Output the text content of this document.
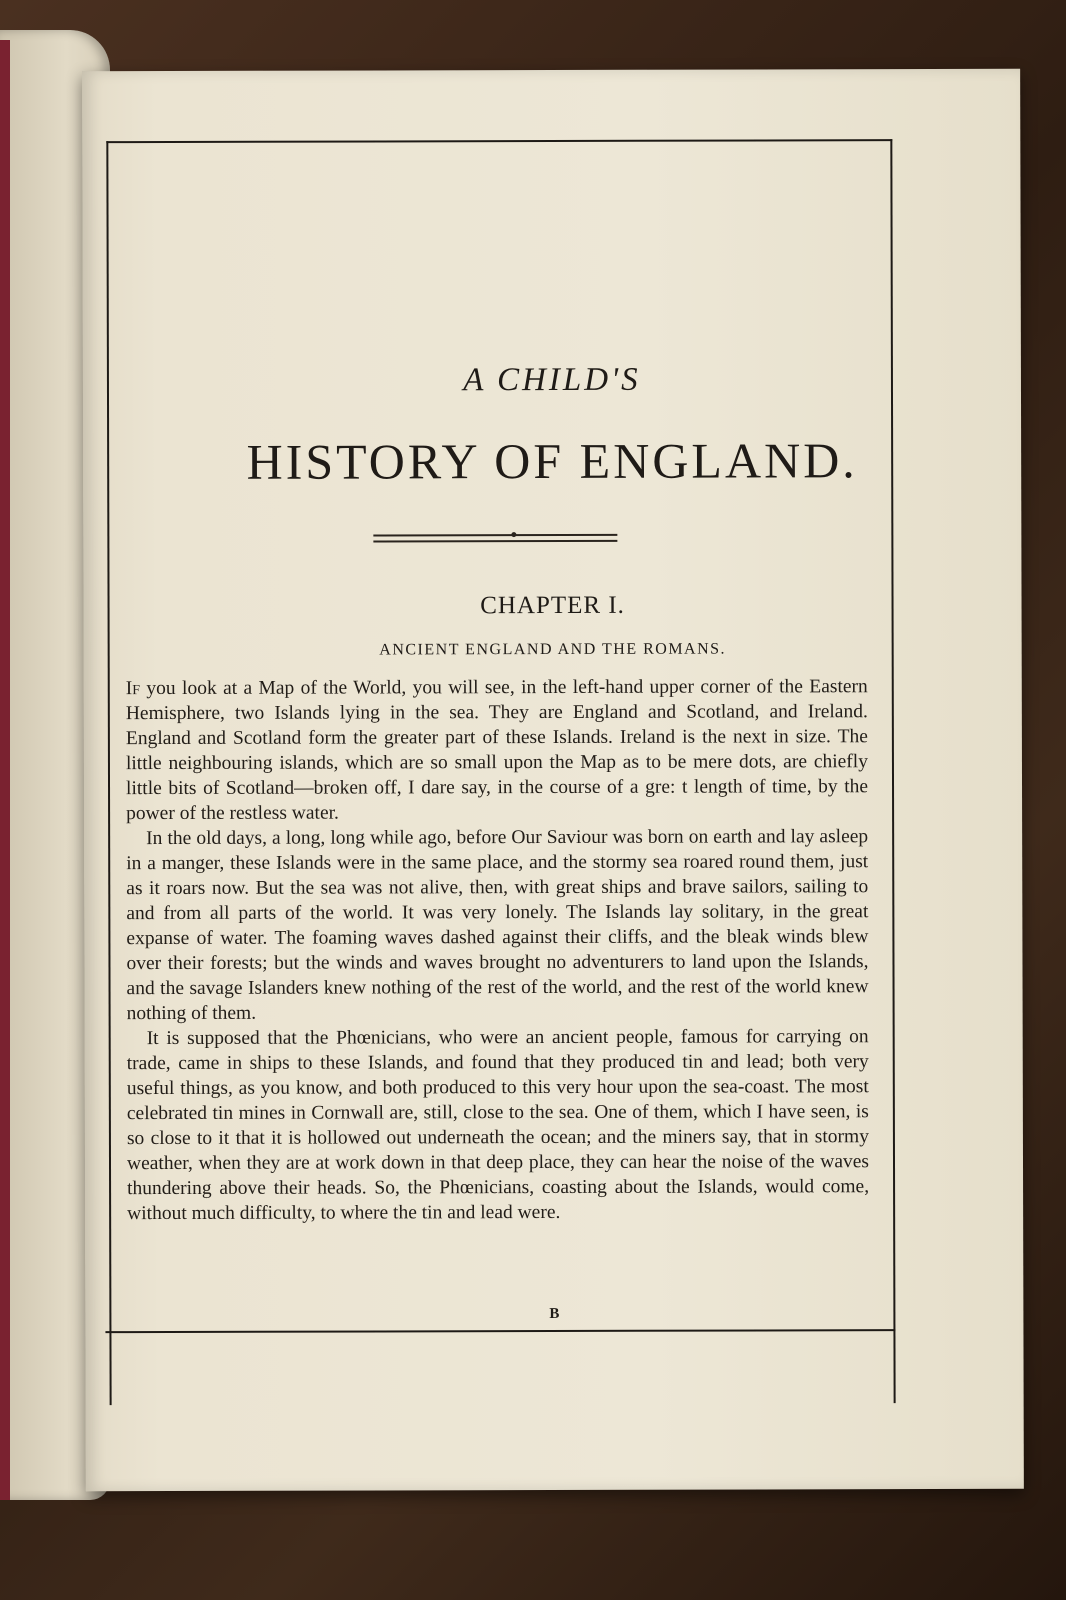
A CHILD'S
HISTORY OF ENGLAND.
CHAPTER I.
ANCIENT ENGLAND AND THE ROMANS.

If you look at a Map of the World, you will see, in the left-hand upper corner of the Eastern Hemisphere, two Islands lying in the sea. They are England and Scotland, and Ireland. England and Scotland form the greater part of these Islands. Ireland is the next in size. The little neighbouring islands, which are so small upon the Map as to be mere dots, are chiefly little bits of Scotland—broken off, I dare say, in the course of a gre: t length of time, by the power of the restless water.

In the old days, a long, long while ago, before Our Saviour was born on earth and lay asleep in a manger, these Islands were in the same place, and the stormy sea roared round them, just as it roars now. But the sea was not alive, then, with great ships and brave sailors, sailing to and from all parts of the world. It was very lonely. The Islands lay solitary, in the great expanse of water. The foaming waves dashed against their cliffs, and the bleak winds blew over their forests; but the winds and waves brought no adventurers to land upon the Islands, and the savage Islanders knew nothing of the rest of the world, and the rest of the world knew nothing of them.

It is supposed that the Phœnicians, who were an ancient people, famous for carrying on trade, came in ships to these Islands, and found that they produced tin and lead; both very useful things, as you know, and both produced to this very hour upon the sea-coast. The most celebrated tin mines in Cornwall are, still, close to the sea. One of them, which I have seen, is so close to it that it is hollowed out underneath the ocean; and the miners say, that in stormy weather, when they are at work down in that deep place, they can hear the noise of the waves thundering above their heads. So, the Phœnicians, coasting about the Islands, would come, without much difficulty, to where the tin and lead were.

B
